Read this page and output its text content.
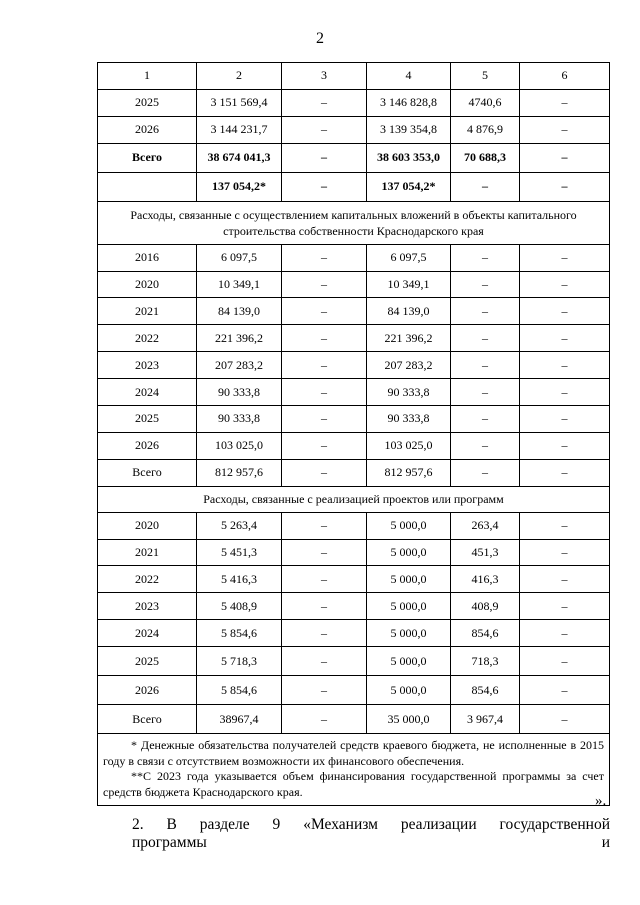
2
1	2	3	4	5	6
2025	3 151 569,4	–	3 146 828,8	4740,6	–
2026	3 144 231,7	–	3 139 354,8	4 876,9	–
Всего	38 674 041,3	–	38 603 353,0	70 688,3	–
	137 054,2*	–	137 054,2*	–	–
Расходы, связанные с осуществлением капитальных вложений в объекты капитального строительства собственности Краснодарского края					
2016	6 097,5	–	6 097,5	–	–
2020	10 349,1	–	10 349,1	–	–
2021	84 139,0	–	84 139,0	–	–
2022	221 396,2	–	221 396,2	–	–
2023	207 283,2	–	207 283,2	–	–
2024	90 333,8	–	90 333,8	–	–
2025	90 333,8	–	90 333,8	–	–
2026	103 025,0	–	103 025,0	–	–
Всего	812 957,6	–	812 957,6	–	–
Расходы, связанные с реализацией проектов или программ					
2020	5 263,4	–	5 000,0	263,4	–
2021	5 451,3	–	5 000,0	451,3	–
2022	5 416,3	–	5 000,0	416,3	–
2023	5 408,9	–	5 000,0	408,9	–
2024	5 854,6	–	5 000,0	854,6	–
2025	5 718,3	–	5 000,0	718,3	–
2026	5 854,6	–	5 000,0	854,6	–
Всего	38967,4	–	35 000,0	3 967,4	–

* Денежные обязательства получателей средств краевого бюджета, не исполненные в 2015 году в связи с отсутствием возможности их финансового обеспечения.
**С 2023 года указывается объем финансирования государственной программы за счет средств бюджета Краснодарского края.					
».
2. В разделе 9 «Механизм реализации государственной программы и
